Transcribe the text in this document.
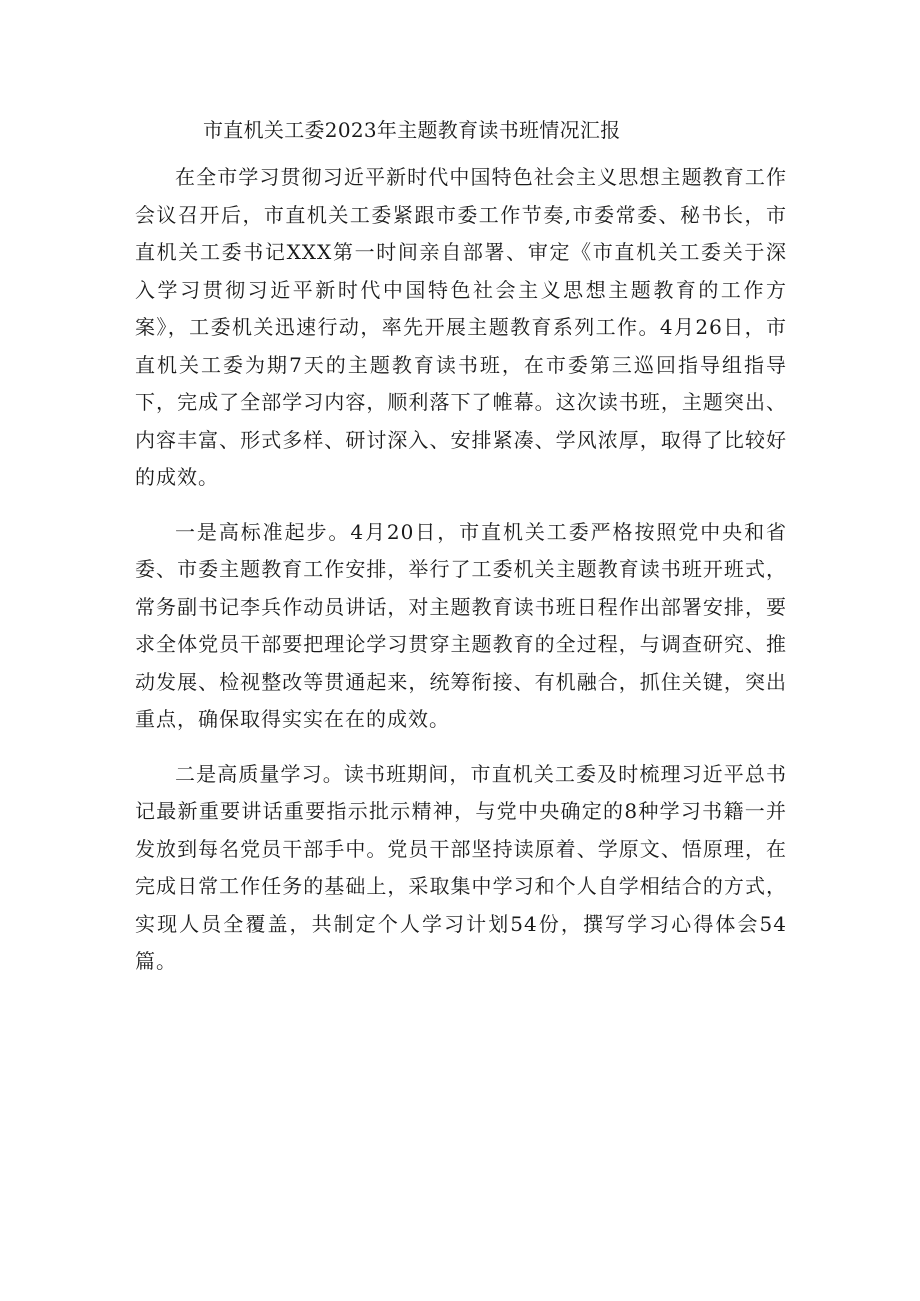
市直机关工委2023年主题教育读书班情况汇报

在全市学习贯彻习近平新时代中国特色社会主义思想主题教育工作会议召开后，市直机关工委紧跟市委工作节奏,市委常委、秘书长，市直机关工委书记XXX第一时间亲自部署、审定《市直机关工委关于深入学习贯彻习近平新时代中国特色社会主义思想主题教育的工作方案》，工委机关迅速行动，率先开展主题教育系列工作。4月26日，市直机关工委为期7天的主题教育读书班，在市委第三巡回指导组指导下，完成了全部学习内容，顺利落下了帷幕。这次读书班，主题突出、内容丰富、形式多样、研讨深入、安排紧凑、学风浓厚，取得了比较好的成效。

一是高标准起步。4月20日，市直机关工委严格按照党中央和省委、市委主题教育工作安排，举行了工委机关主题教育读书班开班式，常务副书记李兵作动员讲话，对主题教育读书班日程作出部署安排，要求全体党员干部要把理论学习贯穿主题教育的全过程，与调查研究、推动发展、检视整改等贯通起来，统筹衔接、有机融合，抓住关键，突出重点，确保取得实实在在的成效。

二是高质量学习。读书班期间，市直机关工委及时梳理习近平总书记最新重要讲话重要指示批示精神，与党中央确定的8种学习书籍一并发放到每名党员干部手中。党员干部坚持读原着、学原文、悟原理，在完成日常工作任务的基础上，采取集中学习和个人自学相结合的方式，实现人员全覆盖，共制定个人学习计划54份，撰写学习心得体会54篇。
